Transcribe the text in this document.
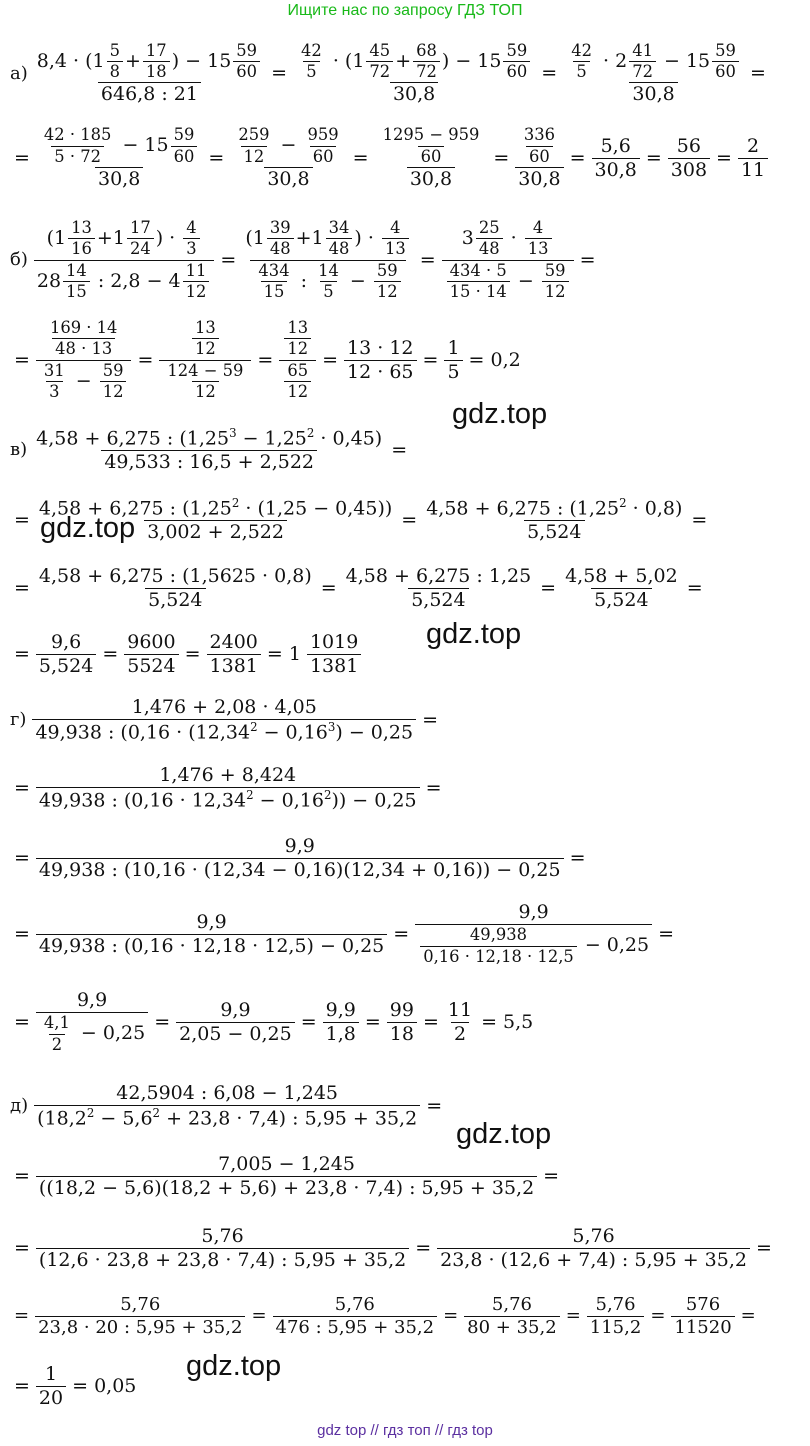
Ищите нас по запросу ГДЗ ТОП
$а) \frac{8,4 \cdot (1 \frac{5}{8} + \frac{17}{18} ) - 15 \frac{59}{60}}{646,8 : 21} = \frac{\frac{42}{5} \cdot (1 \frac{45}{72} + \frac{68}{72} ) - 15 \frac{59}{60}}{30,8} = \frac{\frac{42}{5} \cdot 2 \frac{41}{72} - 15 \frac{59}{60}}{30,8}$ =
= $\frac{\frac{42 \cdot 185}{5 \cdot 72} - 15 \frac{59}{60}}{30,8} = \frac{\frac{259}{12} - \frac{959}{60}}{30,8} = \frac{\frac{1295 - 959}{60}}{30,8} = \frac{\frac{336}{60}}{30,8} = \frac{5,6}{30,8} = \frac{56}{308} = \frac{2}{11}$
$б) \frac{(1 \frac{13}{16} +1 \frac{17}{24} ) \cdot \frac{4}{3}}{28 \frac{14}{15} : 2,8 - 4 \frac{11}{12}} = \frac{(1 \frac{39}{48} +1 \frac{34}{48} ) \cdot \frac{4}{13}}{\frac{434}{15} : \frac{14}{5} - \frac{59}{12}} = \frac{3 \frac{25}{48} \cdot \frac{4}{13}}{\frac{434 \cdot 5}{15 \cdot 14} - \frac{59}{12}}$ =
= $\frac{\frac{169 \cdot 14}{48 \cdot 13}}{\frac{31}{3} - \frac{59}{12}} = \frac{\frac{13}{12}}{\frac{124 - 59}{12}} = \frac{\frac{13}{12}}{\frac{65}{12}} = \frac{13 \cdot 12}{12 \cdot 65} = \frac{1}{5} = 0,2$
gdz.top
$в) \frac{4,58 + 6,275 : (1,25^3 - 1,25^2 \cdot 0,45)}{49,533 : 16,5 + 2,522}$ =
= $\frac{4,58 + 6,275 : (1,25^2 \cdot (1,25 - 0,45))}{3,002 + 2,522} = \frac{4,58 + 6,275 : (1,25^2 \cdot 0,8)}{5,524}$ =
gdz.top
= $\frac{4,58 + 6,275 : (1,5625 \cdot 0,8)}{5,524} = \frac{4,58 + 6,275 : 1,25}{5,524} = \frac{4,58 + 5,02}{5,524}$ =
= $\frac{9,6}{5,524} = \frac{9600}{5524} = \frac{2400}{1381} = 1 \frac{1019}{1381} gdz.top$
$г) \frac{1,476 + 2,08 \cdot 4,05}{49,938 : (0,16 \cdot (12,34^2 - 0,16^3) - 0,25}$ =
= $\frac{1,476 + 8,424}{49,938 : (0,16 \cdot 12,34^2 - 0,16^2)) - 0,25}$ =
= $\frac{9,9}{49,938 : (10,16 \cdot (12,34 - 0,16)(12,34 + 0,16)) - 0,25}$ =
= $\frac{9,9}{49,938 : (0,16 \cdot 12,18 \cdot 12,5) - 0,25} = \frac{9,9}{\frac{49,938}{0,16 \cdot 12,18 \cdot 12,5} - 0,25}$ =
= $\frac{9,9}{\frac{4,1}{2} - 0,25} = \frac{9,9}{2,05 - 0,25} = \frac{9,9}{1,8} = \frac{99}{18} = \frac{11}{2} = 5,5$
$д) \frac{42,5904 : 6,08 - 1,245}{(18,2^2 - 5,6^2 + 23,8 \cdot 7,4) : 5,95 + 35,2}$ =
gdz.top
= $\frac{7,005 - 1,245}{((18,2 - 5,6)(18,2 + 5,6) + 23,8 \cdot 7,4) : 5,95 + 35,2}$ =
= $\frac{5,76}{(12,6 \cdot 23,8 + 23,8 \cdot 7,4) : 5,95 + 35,2} = \frac{5,76}{23,8 \cdot (12,6 + 7,4) : 5,95 + 35,2}$ =
= $\frac{5,76}{23,8 \cdot 20 : 5,95 + 35,2} = \frac{5,76}{476 : 5,95 + 35,2} = \frac{5,76}{80 + 35,2} = \frac{5,76}{115,2} = \frac{576}{11520}$ =
= $\frac{1}{20} = 0,05$
gdz.top
gdz top // гдз топ // гдз top
